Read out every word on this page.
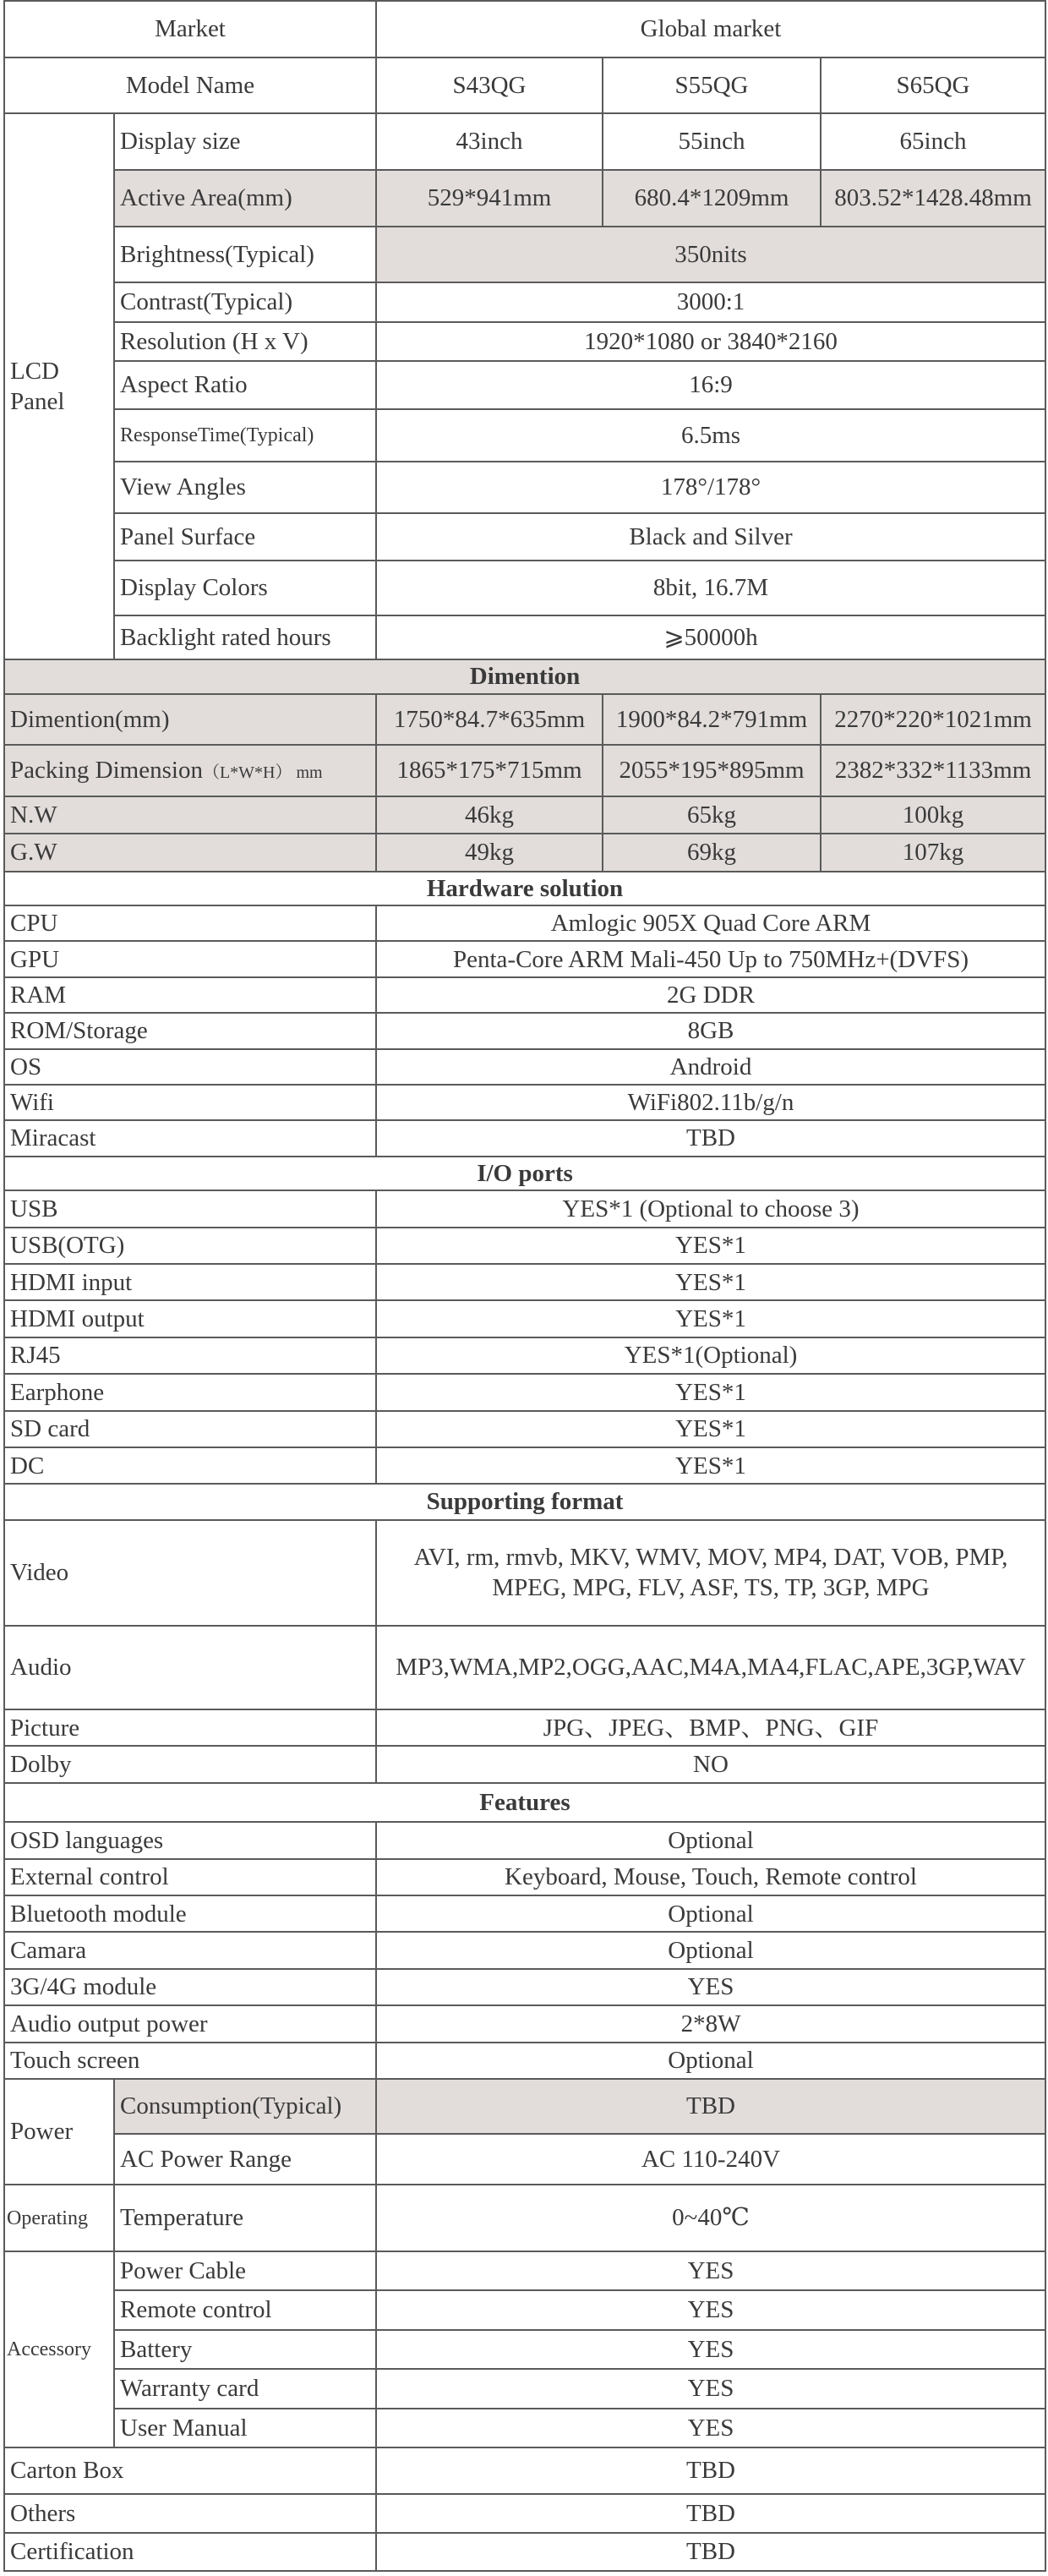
Market		Global market		
Model Name		S43QG	S55QG	S65QG
LCD
Panel	Display size	43inch	55inch	65inch
	Active Area(mm)	529*941mm	680.4*1209mm	803.52*1428.48mm
	Brightness(Typical)	350nits		
	Contrast(Typical)	3000:1		
	Resolution (H x V)	1920*1080 or 3840*2160		
	Aspect Ratio	16:9		
	ResponseTime(Typical)	6.5ms		
	View Angles	178°/178°		
	Panel Surface	Black and Silver		
	Display Colors	8bit, 16.7M		
	Backlight rated hours	⩾50000h		
Dimention				
Dimention(mm)		1750*84.7*635mm	1900*84.2*791mm	2270*220*1021mm
Packing Dimension（L*W*H） mm		1865*175*715mm	2055*195*895mm	2382*332*1133mm
N.W		46kg	65kg	100kg
G.W		49kg	69kg	107kg
Hardware solution				
CPU		Amlogic 905X Quad Core ARM		
GPU		Penta-Core ARM Mali-450 Up to 750MHz+(DVFS)		
RAM		2G DDR		
ROM/Storage		8GB		
OS		Android		
Wifi		WiFi802.11b/g/n		
Miracast		TBD		
I/O ports				
USB		YES*1 (Optional to choose 3)		
USB(OTG)		YES*1		
HDMI input		YES*1		
HDMI output		YES*1		
RJ45		YES*1(Optional)		
Earphone		YES*1		
SD card		YES*1		
DC		YES*1		
Supporting format				
Video		AVI, rm, rmvb, MKV, WMV, MOV, MP4, DAT, VOB, PMP, MPEG, MPG, FLV, ASF, TS, TP, 3GP, MPG		
Audio		MP3,WMA,MP2,OGG,AAC,M4A,MA4,FLAC,APE,3GP,WAV		
Picture		JPG、JPEG、BMP、PNG、GIF		
Dolby		NO		
Features				
OSD languages		Optional		
External control		Keyboard, Mouse, Touch, Remote control		
Bluetooth module		Optional		
Camara		Optional		
3G/4G module		YES		
Audio output power		2*8W		
Touch screen		Optional		
Power	Consumption(Typical)	TBD		
	AC Power Range	AC 110-240V		
Operating	Temperature	0~40℃		
Accessory	Power Cable	YES		
	Remote control	YES		
	Battery	YES		
	Warranty card	YES		
	User Manual	YES		
Carton Box		TBD		
Others		TBD		
Certification		TBD		
